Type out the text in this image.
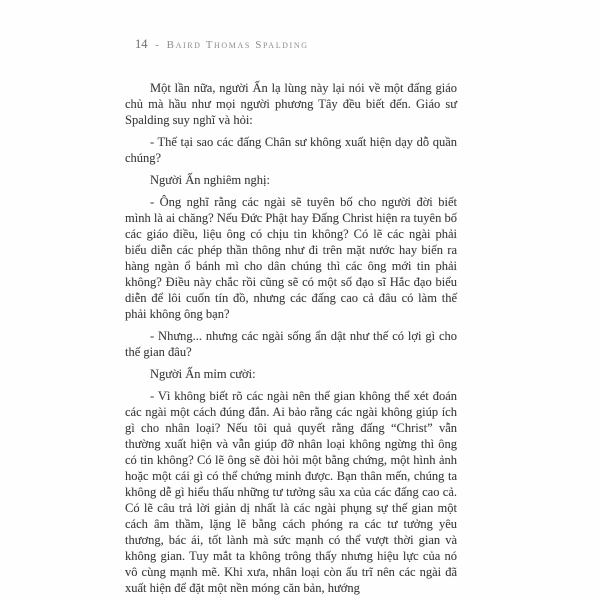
14 - Baird Thomas Spalding

Một lần nữa, người Ấn lạ lùng này lại nói về một đấng giáo chủ mà hầu như mọi người phương Tây đều biết đến. Giáo sư Spalding suy nghĩ và hỏi:

- Thế tại sao các đấng Chân sư không xuất hiện dạy dỗ quần chúng?

Người Ấn nghiêm nghị:

- Ông nghĩ rằng các ngài sẽ tuyên bố cho người đời biết mình là ai chăng? Nếu Đức Phật hay Đấng Christ hiện ra tuyên bố các giáo điều, liệu ông có chịu tin không? Có lẽ các ngài phải biểu diễn các phép thần thông như đi trên mặt nước hay biến ra hàng ngàn ổ bánh mì cho dân chúng thì các ông mới tin phải không? Điều này chắc rồi cũng sẽ có một số đạo sĩ Hắc đạo biểu diễn để lôi cuốn tín đồ, nhưng các đấng cao cả đâu có làm thế phải không ông bạn?

- Nhưng... nhưng các ngài sống ẩn dật như thế có lợi gì cho thế gian đâu?

Người Ấn mỉm cười:

- Vì không biết rõ các ngài nên thế gian không thể xét đoán các ngài một cách đúng đắn. Ai bảo rằng các ngài không giúp ích gì cho nhân loại? Nếu tôi quả quyết rằng đấng “Christ” vẫn thường xuất hiện và vẫn giúp đỡ nhân loại không ngừng thì ông có tin không? Có lẽ ông sẽ đòi hỏi một bằng chứng, một hình ảnh hoặc một cái gì có thể chứng minh được. Bạn thân mến, chúng ta không dễ gì hiểu thấu những tư tưởng sâu xa của các đấng cao cả. Có lẽ câu trả lời giản dị nhất là các ngài phụng sự thế gian một cách âm thầm, lặng lẽ bằng cách phóng ra các tư tưởng yêu thương, bác ái, tốt lành mà sức mạnh có thể vượt thời gian và không gian. Tuy mắt ta không trông thấy nhưng hiệu lực của nó vô cùng mạnh mẽ. Khi xưa, nhân loại còn ấu trĩ nên các ngài đã xuất hiện để đặt một nền móng căn bản, hướng
